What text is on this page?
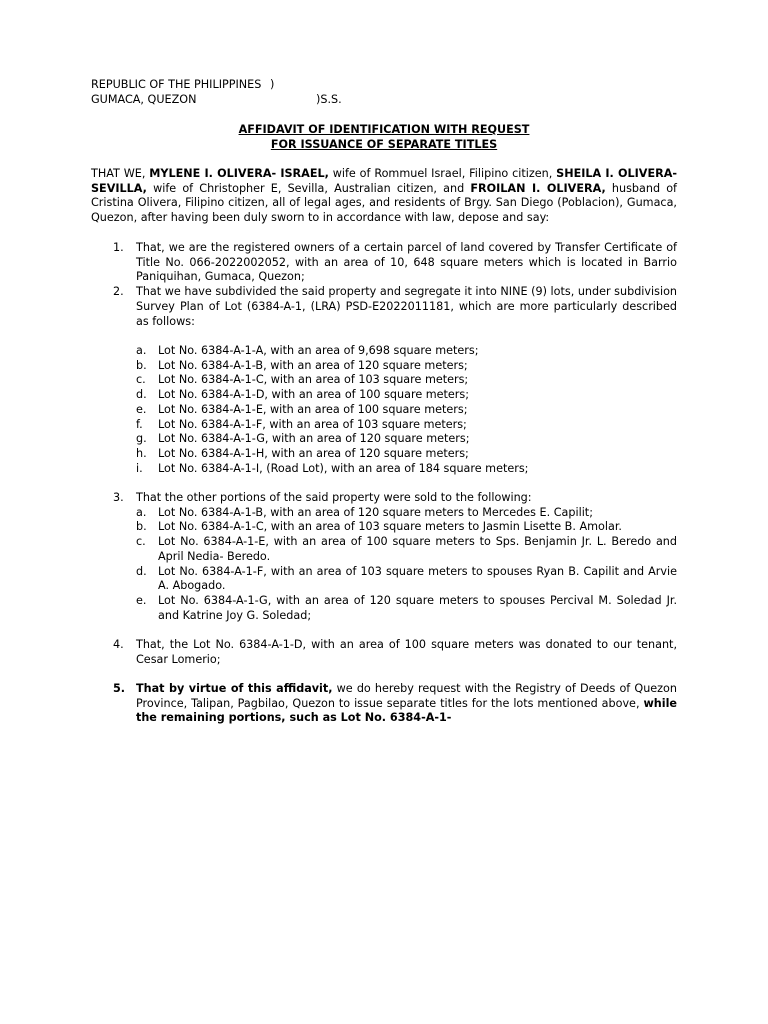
REPUBLIC OF THE PHILIPPINES )
GUMACA, QUEZON	)S.S.
AFFIDAVIT OF IDENTIFICATION WITH REQUEST
FOR ISSUANCE OF SEPARATE TITLES
THAT WE, MYLENE I. OLIVERA- ISRAEL, wife of Rommuel Israel, Filipino citizen, SHEILA I. OLIVERA-SEVILLA, wife of Christopher E, Sevilla, Australian citizen, and FROILAN I. OLIVERA, husband of Cristina Olivera, Filipino citizen, all of legal ages, and residents of Brgy. San Diego (Poblacion), Gumaca, Quezon, after having been duly sworn to in accordance with law, depose and say:
1. That, we are the registered owners of a certain parcel of land covered by Transfer Certificate of Title No. 066-2022002052, with an area of 10, 648 square meters which is located in Barrio Paniquihan, Gumaca, Quezon;
2. That we have subdivided the said property and segregate it into NINE (9) lots, under subdivision Survey Plan of Lot (6384-A-1, (LRA) PSD-E2022011181, which are more particularly described as follows:
a. Lot No. 6384-A-1-A, with an area of 9,698 square meters;
b. Lot No. 6384-A-1-B, with an area of 120 square meters;
c. Lot No. 6384-A-1-C, with an area of 103 square meters;
d. Lot No. 6384-A-1-D, with an area of 100 square meters;
e. Lot No. 6384-A-1-E, with an area of 100 square meters;
f. Lot No. 6384-A-1-F, with an area of 103 square meters;
g. Lot No. 6384-A-1-G, with an area of 120 square meters;
h. Lot No. 6384-A-1-H, with an area of 120 square meters;
i. Lot No. 6384-A-1-I, (Road Lot), with an area of 184 square meters;
3. That the other portions of the said property were sold to the following:
a. Lot No. 6384-A-1-B, with an area of 120 square meters to Mercedes E. Capilit;
b. Lot No. 6384-A-1-C, with an area of 103 square meters to Jasmin Lisette B. Amolar.
c. Lot No. 6384-A-1-E, with an area of 100 square meters to Sps. Benjamin Jr. L. Beredo and April Nedia- Beredo.
d. Lot No. 6384-A-1-F, with an area of 103 square meters to spouses Ryan B. Capilit and Arvie A. Abogado.
e. Lot No. 6384-A-1-G, with an area of 120 square meters to spouses Percival M. Soledad Jr. and Katrine Joy G. Soledad;
4. That, the Lot No. 6384-A-1-D, with an area of 100 square meters was donated to our tenant, Cesar Lomerio;
5. That by virtue of this affidavit, we do hereby request with the Registry of Deeds of Quezon Province, Talipan, Pagbilao, Quezon to issue separate titles for the lots mentioned above, while the remaining portions, such as Lot No. 6384-A-1-
